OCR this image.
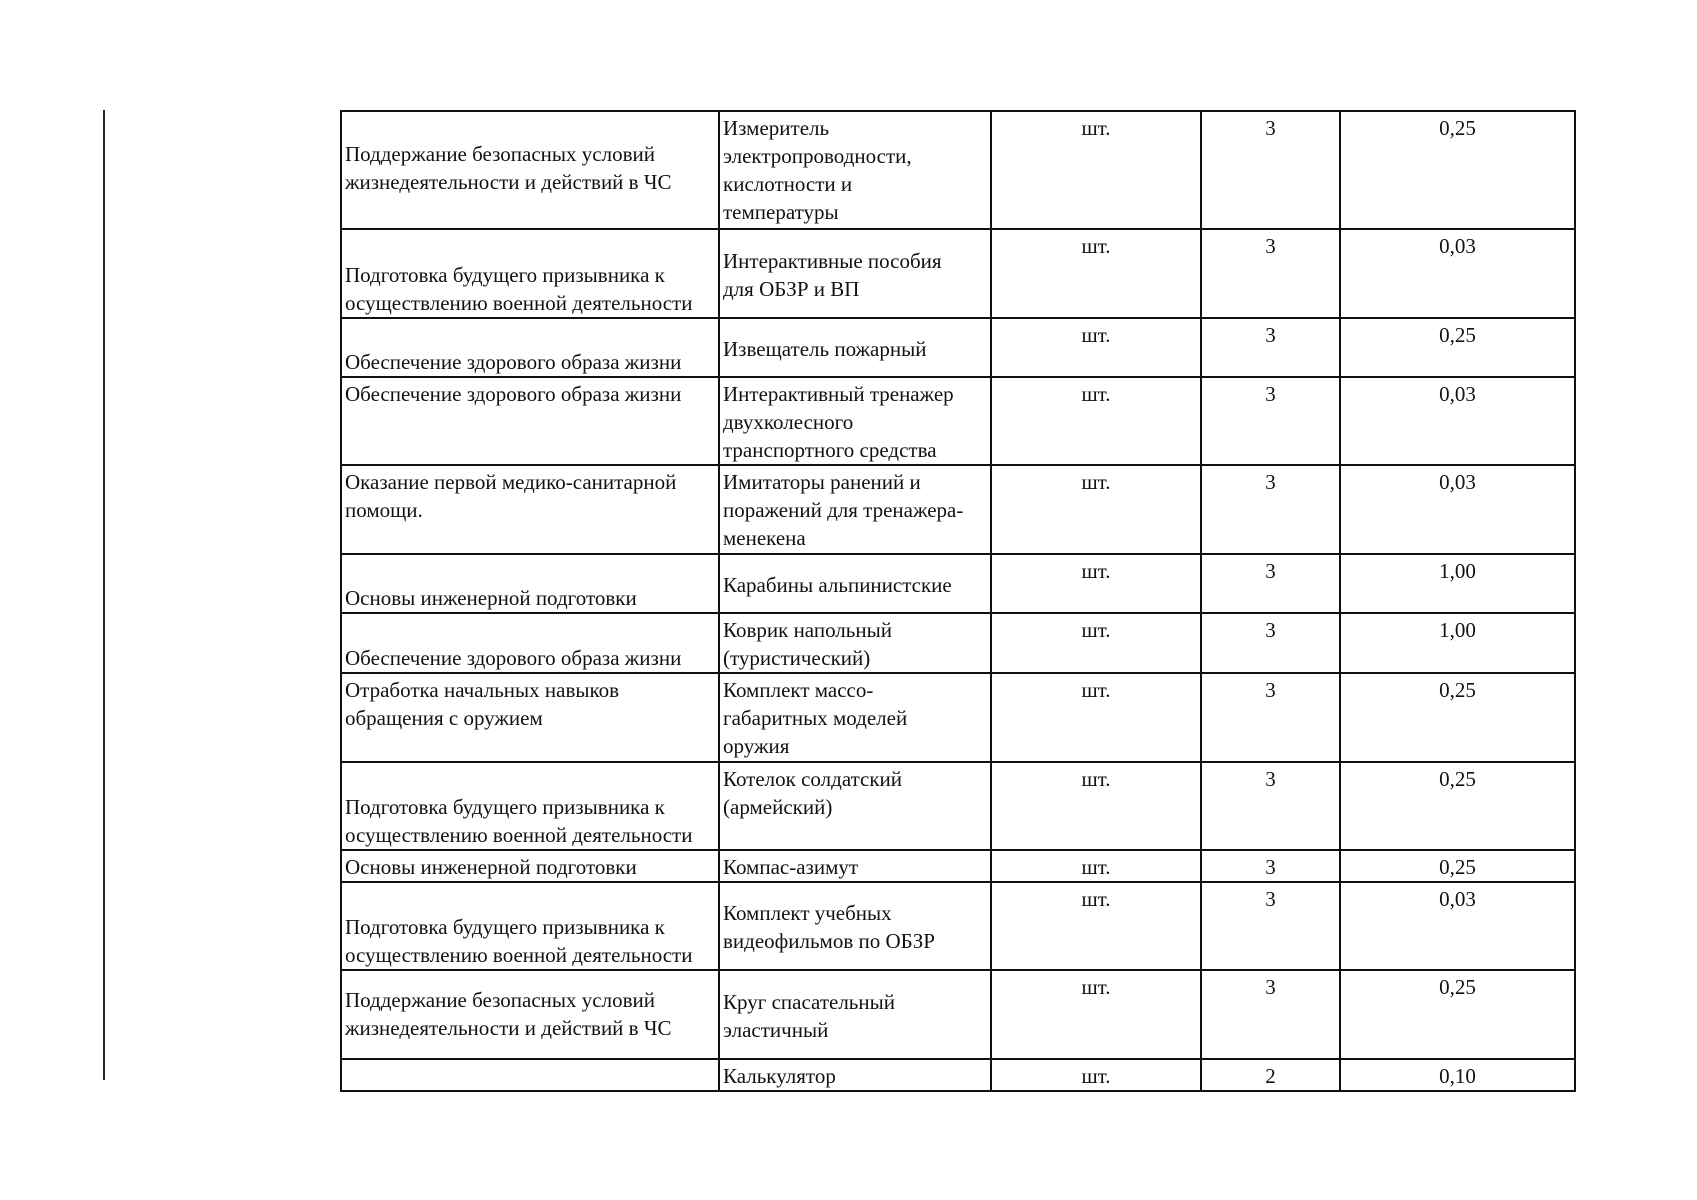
Поддержание безопасных условий
жизнедеятельности и действий в ЧС	Измеритель
электропроводности,
кислотности и
температуры	шт.	3	0,25
Подготовка будущего призывника к
осуществлению военной деятельности	Интерактивные пособия
для ОБЗР и ВП	шт.	3	0,03
Обеспечение здорового образа жизни	Извещатель пожарный	шт.	3	0,25
Обеспечение здорового образа жизни	Интерактивный тренажер
двухколесного
транспортного средства	шт.	3	0,03
Оказание первой медико-санитарной
помощи.	Имитаторы ранений и
поражений для тренажера-
менекена	шт.	3	0,03
Основы инженерной подготовки	Карабины альпинистские	шт.	3	1,00
Обеспечение здорового образа жизни	Коврик напольный
(туристический)	шт.	3	1,00
Отработка начальных навыков
обращения с оружием	Комплект массо-
габаритных моделей
оружия	шт.	3	0,25
Подготовка будущего призывника к
осуществлению военной деятельности	Котелок солдатский
(армейский)	шт.	3	0,25
Основы инженерной подготовки	Компас-азимут	шт.	3	0,25
Подготовка будущего призывника к
осуществлению военной деятельности	Комплект учебных
видеофильмов по ОБЗР	шт.	3	0,03
Поддержание безопасных условий
жизнедеятельности и действий в ЧС	Круг спасательный
эластичный	шт.	3	0,25
	Калькулятор	шт.	2	0,10
